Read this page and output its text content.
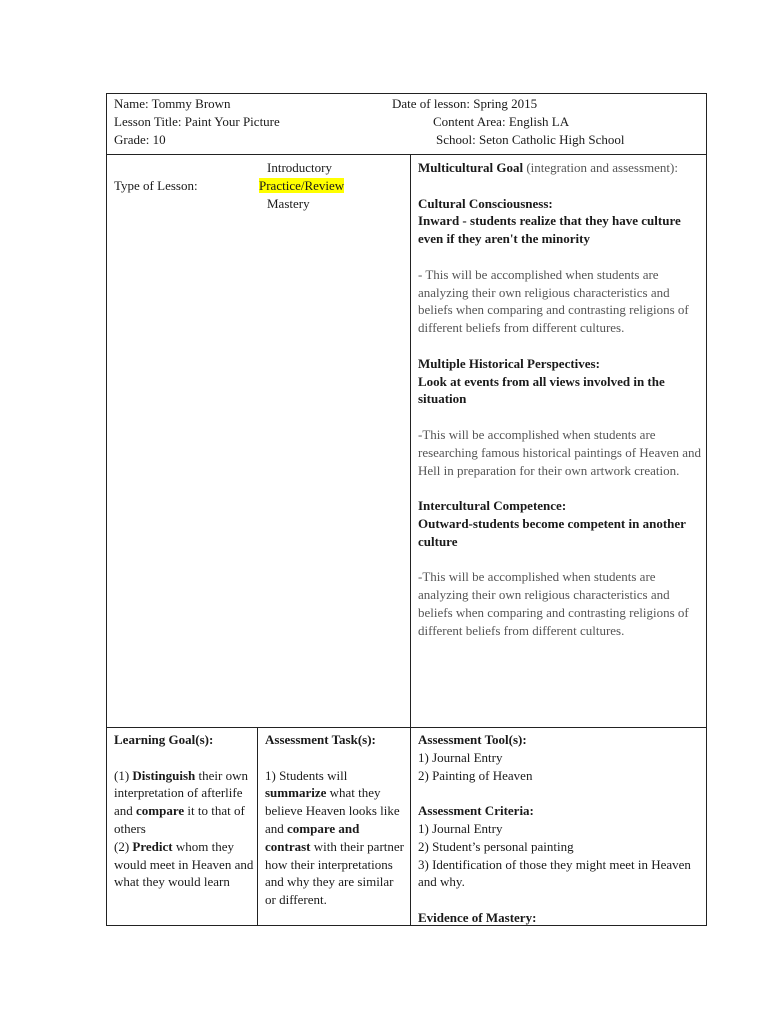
Name: Tommy Brown	Date of lesson: Spring 2015
Lesson Title: Paint Your Picture	Content Area: English LA
Grade: 10	School: Seton Catholic High School
Type of Lesson:
Introductory
Practice/Review
Mastery

Multicultural Goal (integration and assessment):

Cultural Consciousness:

Inward - students realize that they have culture even if they aren't the minority

- This will be accomplished when students are analyzing their own religious characteristics and beliefs when comparing and contrasting religions of different beliefs from different cultures.

Multiple Historical Perspectives:

Look at events from all views involved in the situation

-This will be accomplished when students are researching famous historical paintings of Heaven and Hell in preparation for their own artwork creation.

Intercultural Competence:

Outward-students become competent in another culture

-This will be accomplished when students are analyzing their own religious characteristics and beliefs when comparing and contrasting religions of different beliefs from different cultures.

Learning Goal(s):

(1) Distinguish their own interpretation of afterlife and compare it to that of others

(2) Predict whom they would meet in Heaven and what they would learn

Assessment Task(s):

1) Students will summarize what they believe Heaven looks like and compare and contrast with their partner how their interpretations and why they are similar or different.

Assessment Tool(s):

1) Journal Entry

2) Painting of Heaven

Assessment Criteria:

1) Journal Entry

2) Student’s personal painting

3) Identification of those they might meet in Heaven and why.

Evidence of Mastery:
